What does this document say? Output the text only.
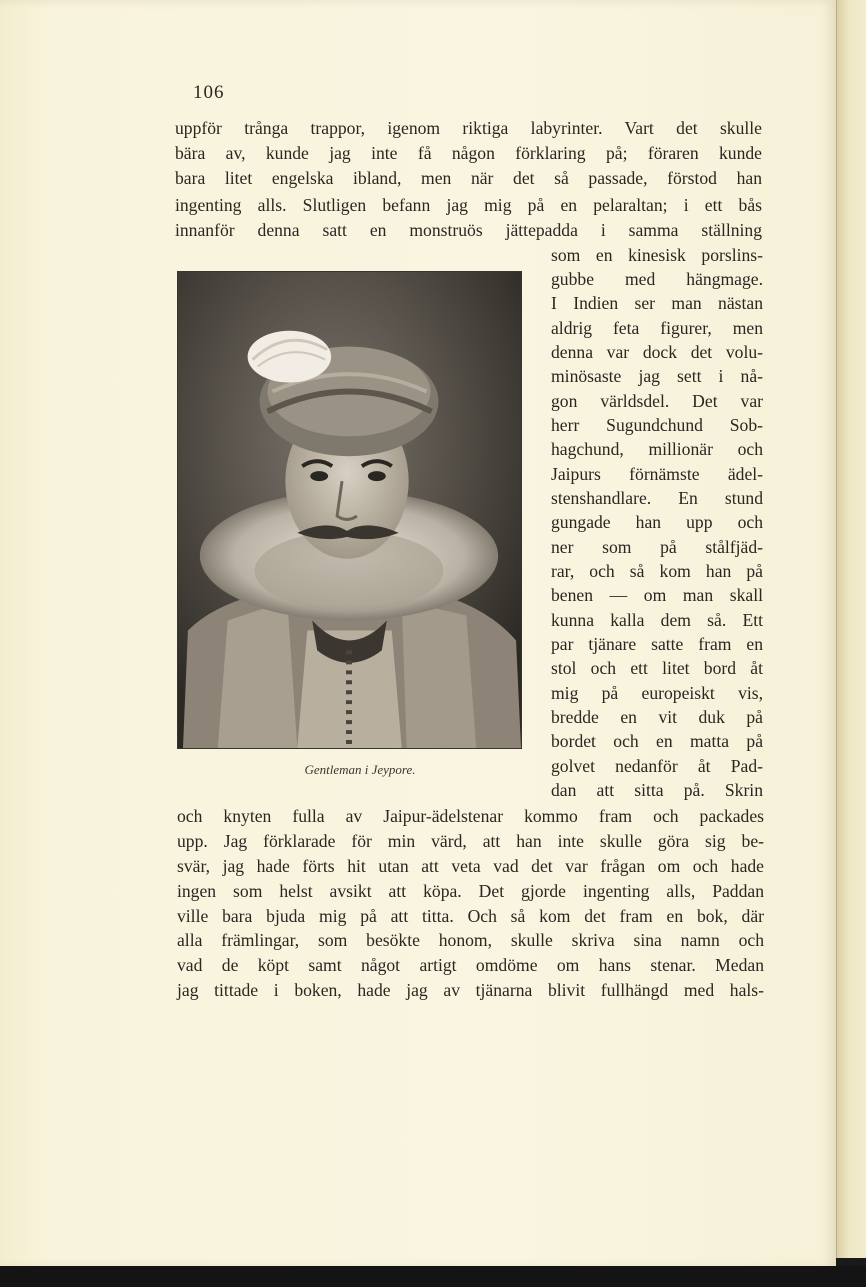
106
uppför trånga trappor, igenom riktiga labyrinter. Vart det skulle
bära av, kunde jag inte få någon förklaring på; föraren kunde
bara litet engelska ibland, men när det så passade, förstod han
ingenting alls. Slutligen befann jag mig på en pelaraltan; i ett bås
innanför denna satt en monstruös jättepadda i samma ställning
Gentleman i Jeypore.
som en kinesisk porslins-
gubbe med hängmage.
I Indien ser man nästan
aldrig feta figurer, men
denna var dock det volu-
minösaste jag sett i nå-
gon världsdel. Det var
herr Sugundchund Sob-
hagchund, millionär och
Jaipurs förnämste ädel-
stenshandlare. En stund
gungade han upp och
ner som på stålfjäd-
rar, och så kom han på
benen — om man skall
kunna kalla dem så. Ett
par tjänare satte fram en
stol och ett litet bord åt
mig på europeiskt vis,
bredde en vit duk på
bordet och en matta på
golvet nedanför åt Pad-
dan att sitta på. Skrin
och knyten fulla av Jaipur-ädelstenar kommo fram och packades
upp. Jag förklarade för min värd, att han inte skulle göra sig be-
svär, jag hade förts hit utan att veta vad det var frågan om och hade
ingen som helst avsikt att köpa. Det gjorde ingenting alls, Paddan
ville bara bjuda mig på att titta. Och så kom det fram en bok, där
alla främlingar, som besökte honom, skulle skriva sina namn och
vad de köpt samt något artigt omdöme om hans stenar. Medan
jag tittade i boken, hade jag av tjänarna blivit fullhängd med hals-
